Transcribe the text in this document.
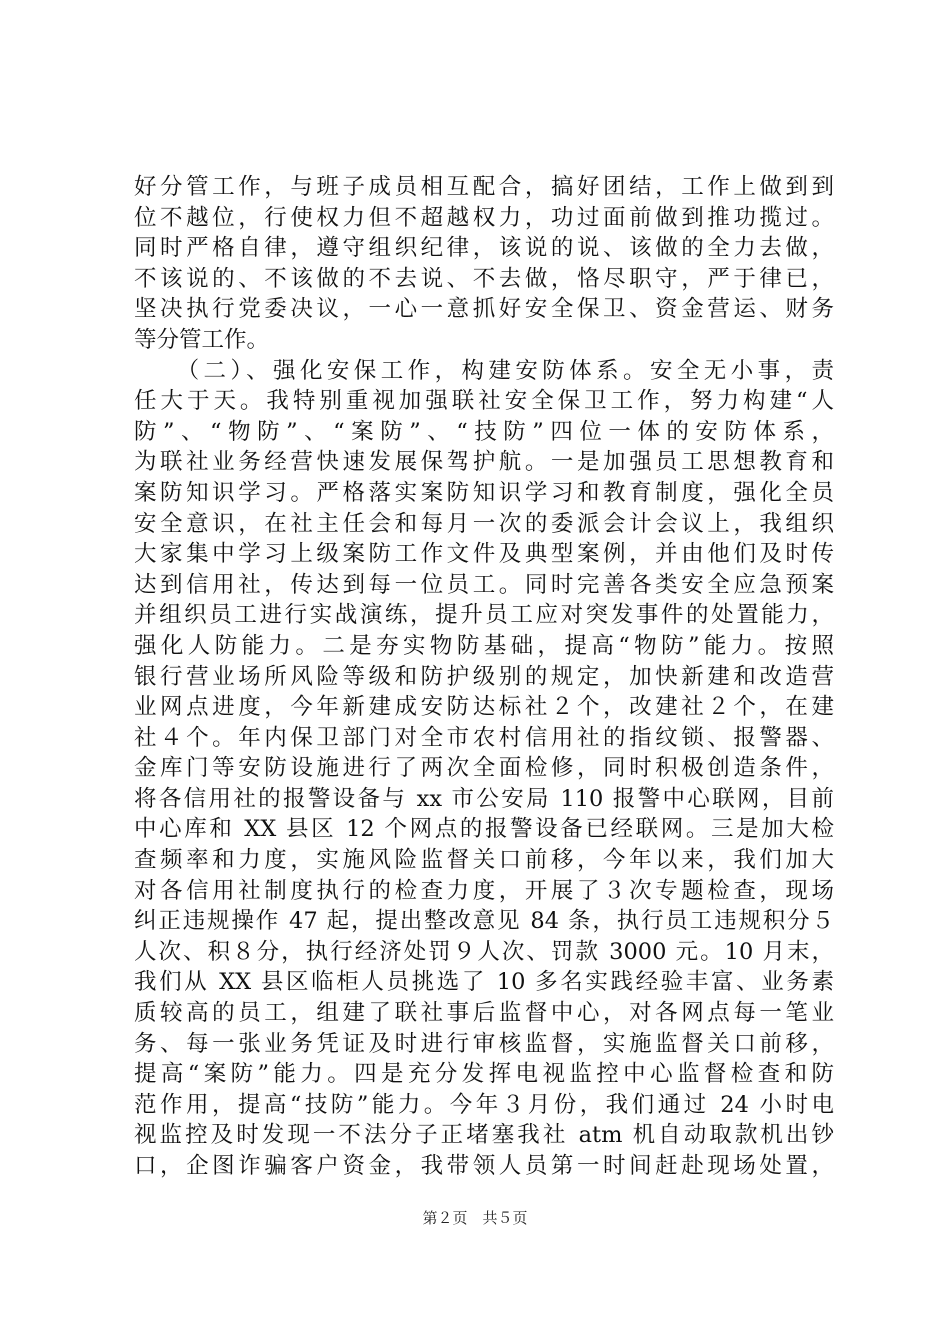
好分管工作，与班子成员相互配合，搞好团结，工作上做到到
位不越位，行使权力但不超越权力，功过面前做到推功揽过。
同时严格自律，遵守组织纪律，该说的说、该做的全力去做，
不该说的、不该做的不去说、不去做，恪尽职守，严于律已，
坚决执行党委决议，一心一意抓好安全保卫、资金营运、财务
等分管工作。
　　（二）、强化安保工作，构建安防体系。安全无小事，责
任大于天。我特别重视加强联社安全保卫工作，努力构建“人
防”、“物防”、“案防”、“技防”四位一体的安防体系，
为联社业务经营快速发展保驾护航。一是加强员工思想教育和
案防知识学习。严格落实案防知识学习和教育制度，强化全员
安全意识，在社主任会和每月一次的委派会计会议上，我组织
大家集中学习上级案防工作文件及典型案例，并由他们及时传
达到信用社，传达到每一位员工。同时完善各类安全应急预案
并组织员工进行实战演练，提升员工应对突发事件的处置能力，
强化人防能力。二是夯实物防基础，提高“物防”能力。按照
银行营业场所风险等级和防护级别的规定，加快新建和改造营
业网点进度，今年新建成安防达标社２个，改建社２个，在建
社４个。年内保卫部门对全市农村信用社的指纹锁、报警器、
金库门等安防设施进行了两次全面检修，同时积极创造条件，
将各信用社的报警设备与 xx 市公安局 110 报警中心联网，目前
中心库和 XX 县区 12 个网点的报警设备已经联网。三是加大检
查频率和力度，实施风险监督关口前移，今年以来，我们加大
对各信用社制度执行的检查力度，开展了３次专题检查，现场
纠正违规操作 47 起，提出整改意见 84 条，执行员工违规积分５
人次、积８分，执行经济处罚９人次、罚款 3000 元。10 月末，
我们从 XX 县区临柜人员挑选了 10 多名实践经验丰富、业务素
质较高的员工，组建了联社事后监督中心，对各网点每一笔业
务、每一张业务凭证及时进行审核监督，实施监督关口前移，
提高“案防”能力。四是充分发挥电视监控中心监督检查和防
范作用，提高“技防”能力。今年３月份，我们通过 24 小时电
视监控及时发现一不法分子正堵塞我社 atm 机自动取款机出钞
口，企图诈骗客户资金，我带领人员第一时间赶赴现场处置，
第２页　共５页
